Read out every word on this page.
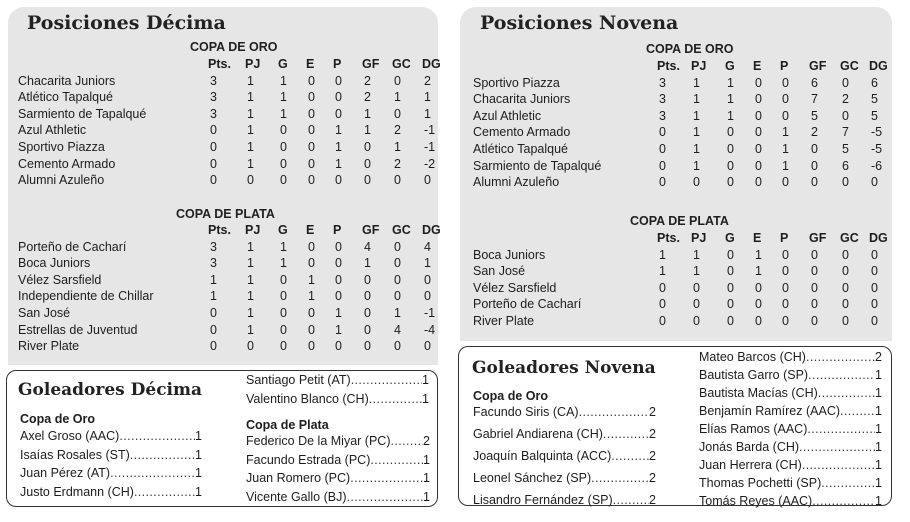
Posiciones Décima
COPA DE ORO
Pts. PJ G E P GF GC DG
Chacarita Juniors	3 1 1 0 0 2 0 2
Atlético Tapalqué	3 1 1 0 0 2 1 1
Sarmiento de Tapalqué	3 1 1 0 0 1 0 1
Azul Athletic	0 1 0 0 1 1 2 -1
Sportivo Piazza	0 1 0 0 1 0 1 -1
Cemento Armado	0 1 0 0 1 0 2 -2
Alumni Azuleño	0 0 0 0 0 0 0 0
COPA DE PLATA
Pts. PJ G E P GF GC DG
Porteño de Cacharí	3 1 1 0 0 4 0 4
Boca Juniors	3 1 1 0 0 1 0 1
Vélez Sarsfield	1 1 0 1 0 0 0 0
Independiente de Chillar	1 1 0 1 0 0 0 0
San José	0 1 0 0 1 0 1 -1
Estrellas de Juventud	0 1 0 0 1 0 4 -4
River Plate	0 0 0 0 0 0 0 0
Posiciones Novena
COPA DE ORO
Pts. PJ G E P GF GC DG
Sportivo Piazza	3 1 1 0 0 6 0 6
Chacarita Juniors	3 1 1 0 0 7 2 5
Azul Athletic	3 1 1 0 0 5 0 5
Cemento Armado	0 1 0 0 1 2 7 -5
Atlético Tapalqué	0 1 0 0 1 0 5 -5
Sarmiento de Tapalqué	0 1 0 0 1 0 6 -6
Alumni Azuleño	0 0 0 0 0 0 0 0
COPA DE PLATA
Pts. PJ G E P GF GC DG
Boca Juniors	1 1 0 1 0 0 0 0
San José	1 1 0 1 0 0 0 0
Vélez Sarsfield	0 0 0 0 0 0 0 0
Porteño de Cacharí	0 0 0 0 0 0 0 0
River Plate	0 0 0 0 0 0 0 0
Goleadores Décima
Copa de Oro
Axel Groso (AAC) .....	1
Isaías Rosales (ST) .....	1
Juan Pérez (AT) .....	1
Justo Erdmann (CH) .....	1
Santiago Petit (AT) .....	1
Valentino Blanco (CH) .....	1
Copa de Plata
Federico De la Miyar (PC) .....	2
Facundo Estrada (PC) .....	1
Juan Romero (PC) .....	1
Vicente Gallo (BJ) .....	1
Goleadores Novena
Copa de Oro
Facundo Siris (CA) .....	2
Gabriel Andiarena (CH) .....	2
Joaquín Balquinta (ACC) .....	2
Leonel Sánchez (SP) .....	2
Lisandro Fernández (SP) .....	2
Mateo Barcos (CH) .....	2
Bautista Garro (SP) .....	1
Bautista Macías (CH) .....	1
Benjamín Ramírez (AAC) .....	1
Elías Ramos (AAC) .....	1
Jonás Barda (CH) .....	1
Juan Herrera (CH) .....	1
Thomas Pochetti (SP) .....	1
Tomás Reyes (AAC) .....	1
